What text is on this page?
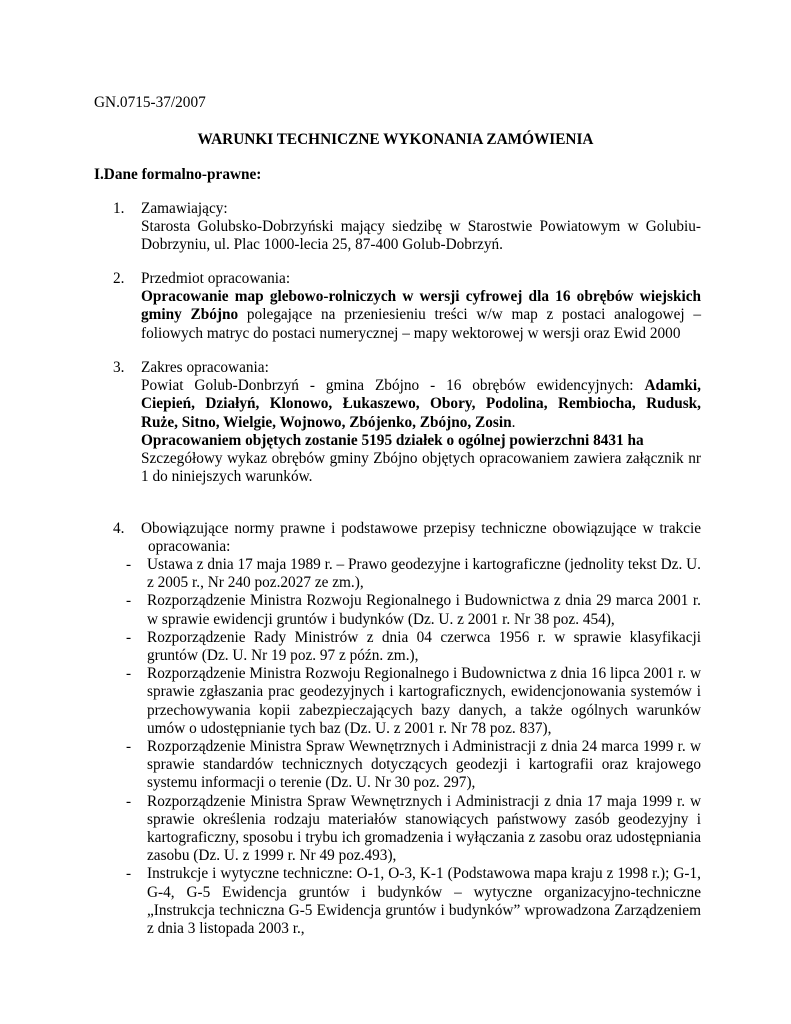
GN.0715-37/2007
WARUNKI TECHNICZNE WYKONANIA ZAMÓWIENIA
I.Dane formalno-prawne:
1. Zamawiający:

Starosta Golubsko-Dobrzyński mający siedzibę w Starostwie Powiatowym w Golubiu-

Dobrzyniu, ul. Plac 1000-lecia 25, 87-400 Golub-Dobrzyń.

2. Przedmiot opracowania:

Opracowanie map glebowo-rolniczych w wersji cyfrowej dla 16 obrębów wiejskich

gminy Zbójno polegające na przeniesieniu treści w/w map z postaci analogowej –

foliowych matryc do postaci numerycznej – mapy wektorowej w wersji oraz Ewid 2000

3. Zakres opracowania:

Powiat Golub-Donbrzyń - gmina Zbójno - 16 obrębów ewidencyjnych: Adamki,

Ciepień, Działyń, Klonowo, Łukaszewo, Obory, Podolina, Rembiocha, Rudusk,

Ruże, Sitno, Wielgie, Wojnowo, Zbójenko, Zbójno, Zosin.

Opracowaniem objętych zostanie 5195 działek o ogólnej powierzchni 8431 ha

Szczegółowy wykaz obrębów gminy Zbójno objętych opracowaniem zawiera załącznik nr

1 do niniejszych warunków.

4. Obowiązujące normy prawne i podstawowe przepisy techniczne obowiązujące w trakcie

opracowania:

- Ustawa z dnia 17 maja 1989 r. – Prawo geodezyjne i kartograficzne (jednolity tekst Dz. U. z 2005 r., Nr 240 poz.2027 ze zm.),

- Rozporządzenie Ministra Rozwoju Regionalnego i Budownictwa z dnia 29 marca 2001 r. w sprawie ewidencji gruntów i budynków (Dz. U. z 2001 r. Nr 38 poz. 454),

- Rozporządzenie Rady Ministrów z dnia 04 czerwca 1956 r. w sprawie klasyfikacji gruntów (Dz. U. Nr 19 poz. 97 z późn. zm.),

- Rozporządzenie Ministra Rozwoju Regionalnego i Budownictwa z dnia 16 lipca 2001 r. w sprawie zgłaszania prac geodezyjnych i kartograficznych, ewidencjonowania systemów i przechowywania kopii zabezpieczających bazy danych, a także ogólnych warunków umów o udostępnianie tych baz (Dz. U. z 2001 r. Nr 78 poz. 837),

- Rozporządzenie Ministra Spraw Wewnętrznych i Administracji z dnia 24 marca 1999 r. w sprawie standardów technicznych dotyczących geodezji i kartografii oraz krajowego systemu informacji o terenie (Dz. U. Nr 30 poz. 297),

- Rozporządzenie Ministra Spraw Wewnętrznych i Administracji z dnia 17 maja 1999 r. w sprawie określenia rodzaju materiałów stanowiących państwowy zasób geodezyjny i kartograficzny, sposobu i trybu ich gromadzenia i wyłączania z zasobu oraz udostępniania zasobu (Dz. U. z 1999 r. Nr 49 poz.493),

- Instrukcje i wytyczne techniczne: O-1, O-3, K-1 (Podstawowa mapa kraju z 1998 r.); G-1, G-4, G-5 Ewidencja gruntów i budynków – wytyczne organizacyjno-techniczne „Instrukcja techniczna G-5 Ewidencja gruntów i budynków” wprowadzona Zarządzeniem z dnia 3 listopada 2003 r.,
